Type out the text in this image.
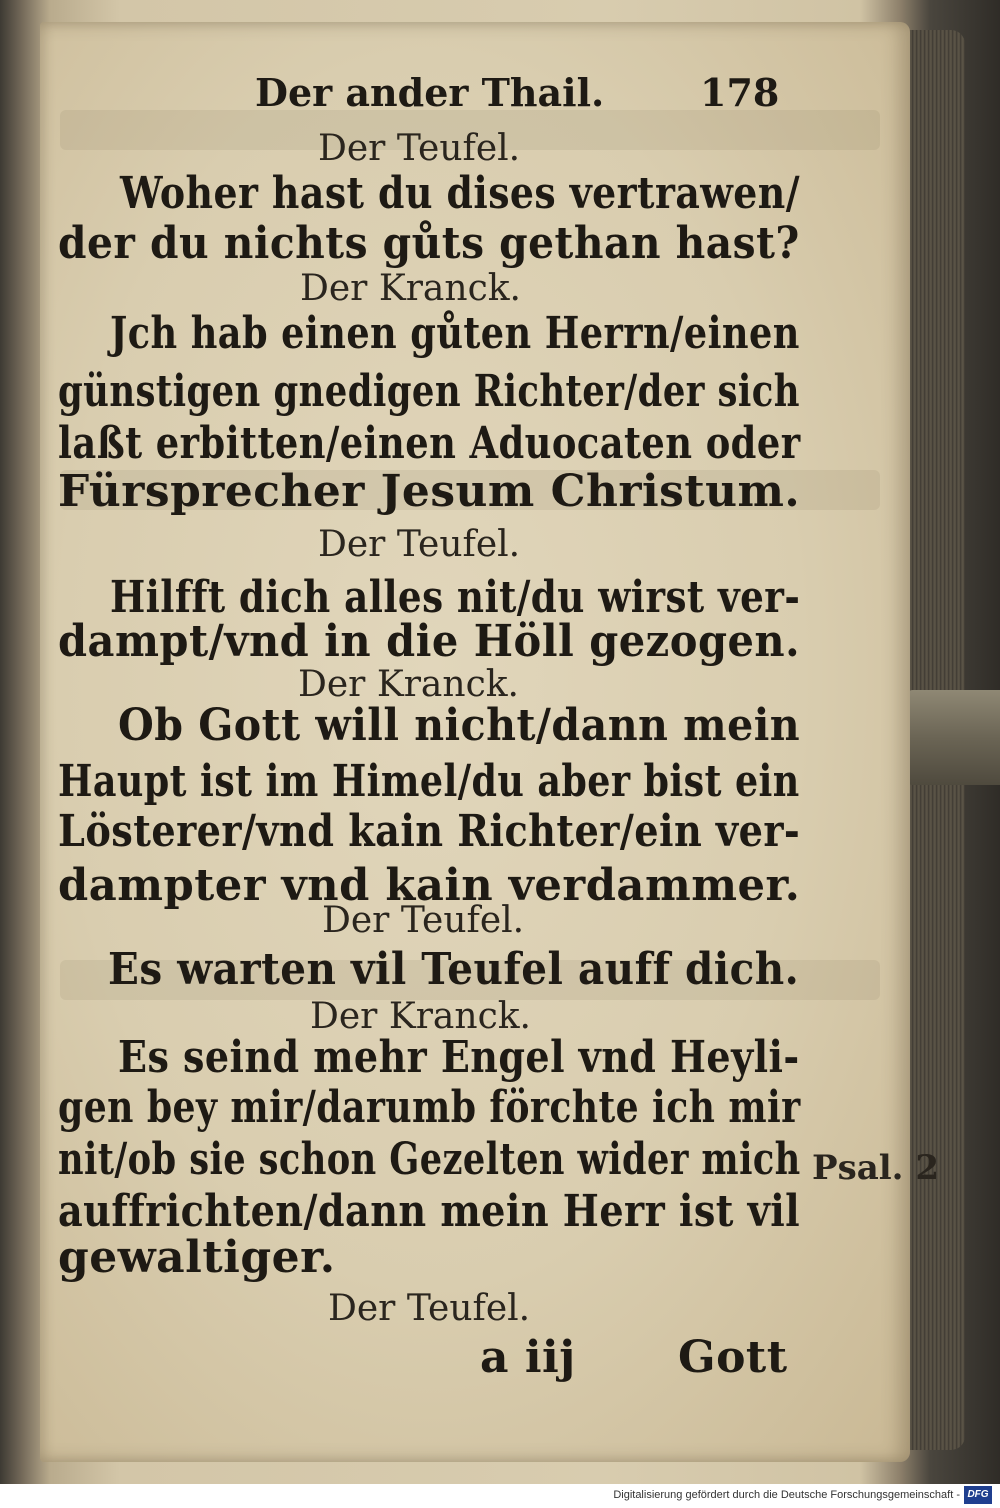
Der ander Thail.	178

Der Teufel.

Woher hast du dises vertrawen/

der du nichts gůts gethan hast?

Der Kranck.

Jch hab einen gůten Herrn/einen

günstigen gnedigen Richter/der sich

laßt erbitten/einen Aduocaten oder

Fürsprecher Jesum Christum.

Der Teufel.

Hilfft dich alles nit/du wirst ver-

dampt/vnd in die Höll gezogen.

Der Kranck.

Ob Gott will nicht/dann mein

Haupt ist im Himel/du aber bist ein

Lösterer/vnd kain Richter/ein ver-

dampter vnd kain verdammer.

Der Teufel.

Es warten vil Teufel auff dich.

Der Kranck.

Es seind mehr Engel vnd Heyli-

gen bey mir/darumb förchte ich mir

nit/ob sie schon Gezelten wider mich

auffrichten/dann mein Herr ist vil

gewaltiger.

Der Teufel.

Psal. 2

a iij Gott

Digitalisierung gefördert durch die Deutsche Forschungsgemeinschaft - DFG
